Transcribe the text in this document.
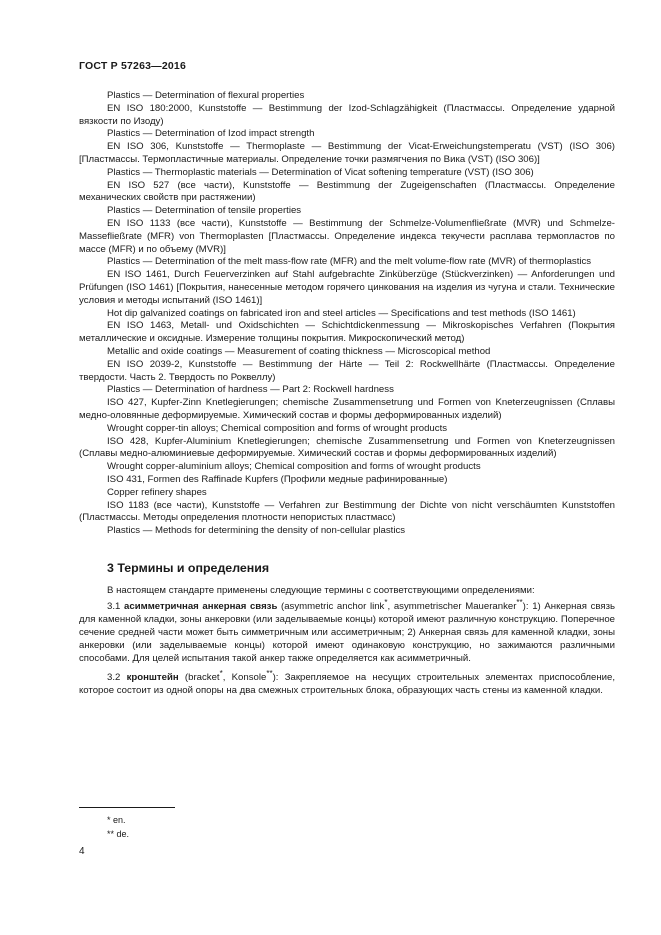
ГОСТ Р 57263—2016

Plastics — Determination of flexural properties

EN ISO 180:2000, Kunststoffe — Bestimmung der Izod-Schlagzähigkeit (Пластмассы. Определение ударной вязкости по Изоду)

Plastics — Determination of Izod impact strength

EN ISO 306, Kunststoffe — Thermoplaste — Bestimmung der Vicat-Erweichungstemperatu (VST) (ISO 306) [Пластмассы. Термопластичные материалы. Определение точки размягчения по Вика (VST) (ISO 306)]

Plastics — Thermoplastic materials — Determination of Vicat softening temperature (VST) (ISO 306)

EN ISO 527 (все части), Kunststoffe — Bestimmung der Zugeigenschaften (Пластмассы. Определение механических свойств при растяжении)

Plastics — Determination of tensile properties

EN ISO 1133 (все части), Kunststoffe — Bestimmung der Schmelze-Volumenfließrate (MVR) und Schmelze-Massefließrate (MFR) von Thermoplasten [Пластмассы. Определение индекса текучести расплава термопластов по массе (MFR) и по объему (MVR)]

Plastics — Determination of the melt mass-flow rate (MFR) and the melt volume-flow rate (MVR) of thermoplastics

EN ISO 1461, Durch Feuerverzinken auf Stahl aufgebrachte Zinküberzüge (Stückverzinken) — Anforderungen und Prüfungen (ISO 1461) [Покрытия, нанесенные методом горячего цинкования на изделия из чугуна и стали. Технические условия и методы испытаний (ISO 1461)]

Hot dip galvanized coatings on fabricated iron and steel articles — Specifications and test methods (ISO 1461)

EN ISO 1463, Metall- und Oxidschichten — Schichtdickenmessung — Mikroskopisches Verfahren (Покрытия металлические и оксидные. Измерение толщины покрытия. Микроскопический метод)

Metallic and oxide coatings — Measurement of coating thickness — Microscopical method

EN ISO 2039-2, Kunststoffe — Bestimmung der Härte — Teil 2: Rockwellhärte (Пластмассы. Определение твердости. Часть 2. Твердость по Роквеллу)

Plastics — Determination of hardness — Part 2: Rockwell hardness

ISO 427, Kupfer-Zinn Knetlegierungen; chemische Zusammensetrung und Formen von Kneterzeugnissen (Сплавы медно-оловянные деформируемые. Химический состав и формы деформированных изделий)

Wrought copper-tin alloys; Chemical composition and forms of wrought products

ISO 428, Kupfer-Aluminium Knetlegierungen; chemische Zusammensetrung und Formen von Kneterzeugnissen (Сплавы медно-алюминиевые деформируемые. Химический состав и формы деформированных изделий)

Wrought copper-aluminium alloys; Chemical composition and forms of wrought products

ISO 431, Formen des Raffinade Kupfers (Профили медные рафинированные)

Copper refinery shapes

ISO 1183 (все части), Kunststoffe — Verfahren zur Bestimmung der Dichte von nicht verschäumten Kunststoffen (Пластмассы. Методы определения плотности непористых пластмасс)

Plastics — Methods for determining the density of non-cellular plastics

3 Термины и определения

В настоящем стандарте применены следующие термины с соответствующими определениями:

3.1 асимметричная анкерная связь (asymmetric anchor link*, asymmetrischer Maueranker**): 1) Анкерная связь для каменной кладки, зоны анкеровки (или заделываемые концы) которой имеют различную конструкцию. Поперечное сечение средней части может быть симметричным или ассиметричным; 2) Анкерная связь для каменной кладки, зоны анкеровки (или заделываемые концы) которой имеют одинаковую конструкцию, но зажимаются различными способами. Для целей испытания такой анкер также определяется как асимметричный.

3.2 кронштейн (bracket*, Konsole**): Закрепляемое на несущих строительных элементах приспособление, которое состоит из одной опоры на два смежных строительных блока, образующих часть стены из каменной кладки.

* en.
** de.
4
